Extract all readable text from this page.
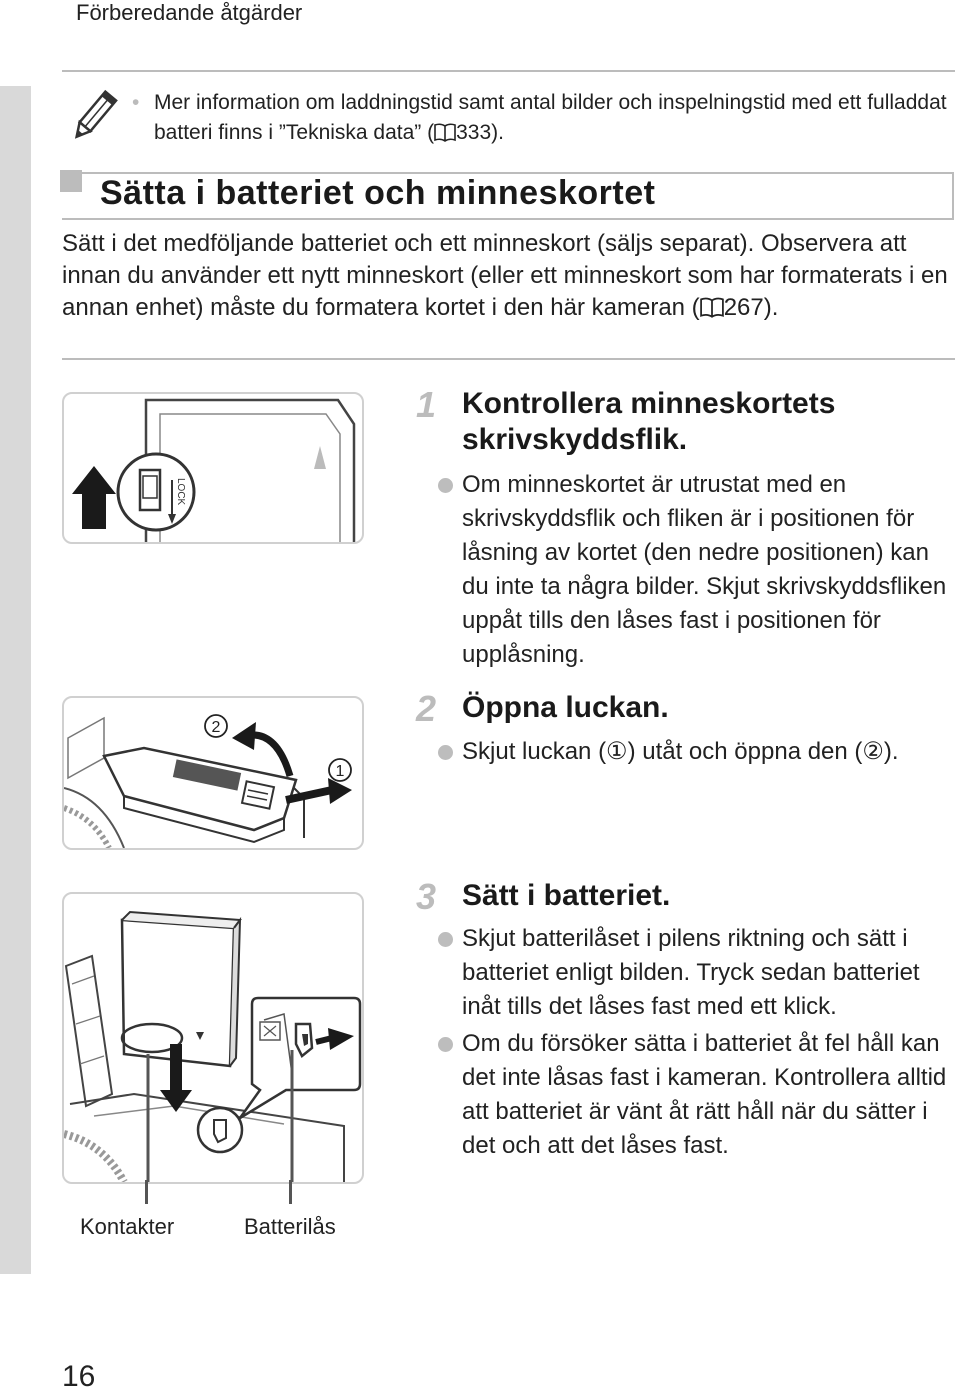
Förberedande åtgärder
• Mer information om laddningstid samt antal bilder och inspelningstid med ett fulladdat batteri finns i ”Tekniska data” ( 333).
Sätta i batteriet och minneskortet
Sätt i det medföljande batteriet och ett minneskort (säljs separat). Observera att innan du använder ett nytt minneskort (eller ett minneskort som har formaterats i en annan enhet) måste du formatera kortet i den här kameran ( 267).
LOCK
2
1
Kontakter	Batterilås
1 Kontrollera minneskortets skrivskyddsflik.
Om minneskortet är utrustat med en skrivskyddsflik och fliken är i positionen för låsning av kortet (den nedre positionen) kan du inte ta några bilder. Skjut skrivskyddsfliken uppåt tills den låses fast i positionen för upplåsning.
2 Öppna luckan.
Skjut luckan (①) utåt och öppna den (②).
3 Sätt i batteriet.
Skjut batterilåset i pilens riktning och sätt i batteriet enligt bilden. Tryck sedan batteriet inåt tills det låses fast med ett klick.
Om du försöker sätta i batteriet åt fel håll kan det inte låsas fast i kameran. Kontrollera alltid att batteriet är vänt åt rätt håll när du sätter i det och att det låses fast.
16
